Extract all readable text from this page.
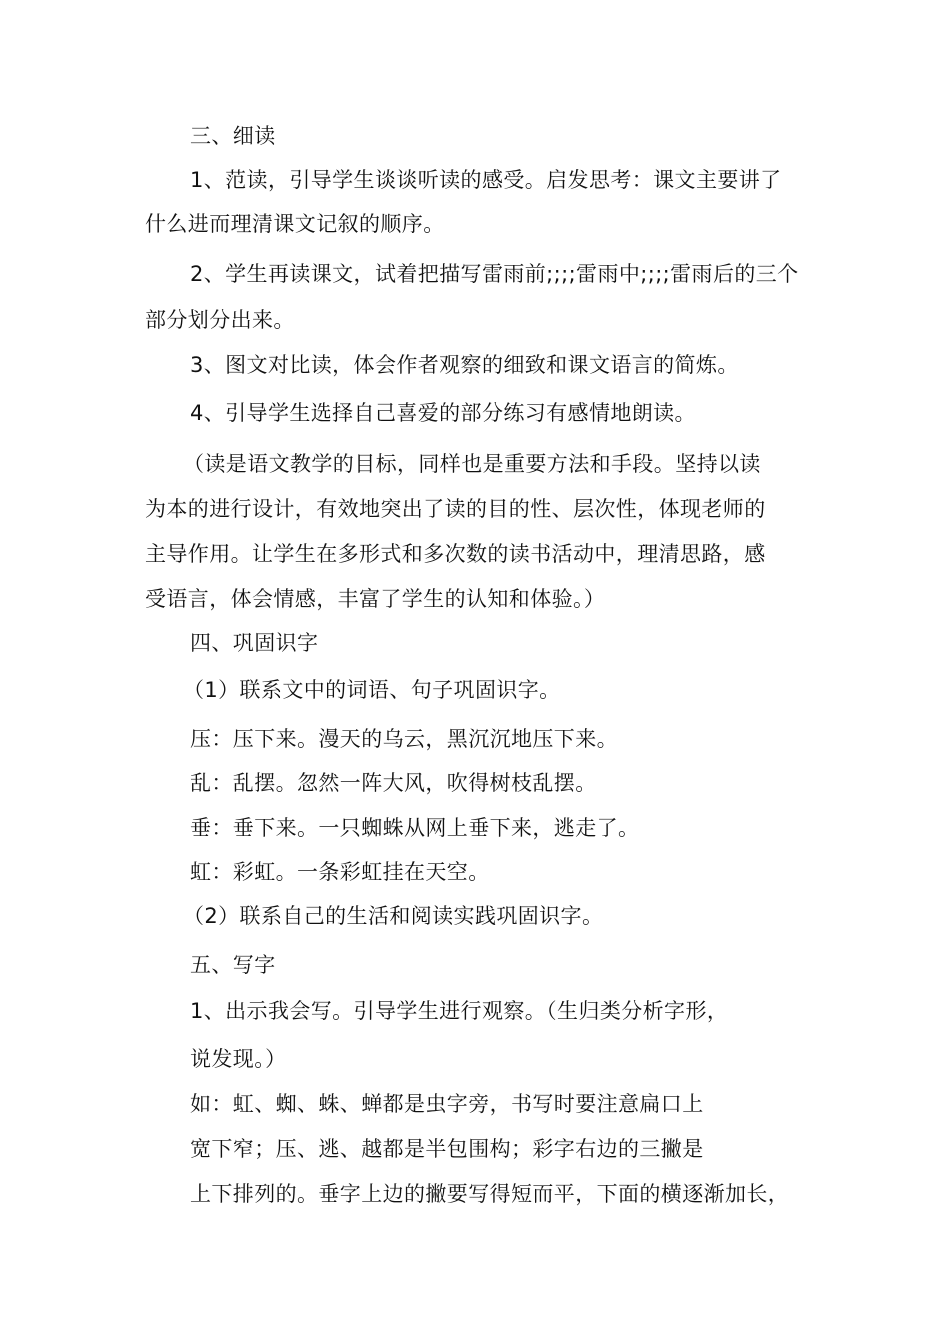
三、细读
1、范读，引导学生谈谈听读的感受。启发思考：课文主要讲了
什么进而理清课文记叙的顺序。
2、学生再读课文，试着把描写雷雨前;;;;雷雨中;;;;雷雨后的三个
部分划分出来。
3、图文对比读，体会作者观察的细致和课文语言的简炼。
4、引导学生选择自己喜爱的部分练习有感情地朗读。
（读是语文教学的目标，同样也是重要方法和手段。坚持以读
为本的进行设计，有效地突出了读的目的性、层次性，体现老师的
主导作用。让学生在多形式和多次数的读书活动中，理清思路，感
受语言，体会情感，丰富了学生的认知和体验。）
四、巩固识字
（1）联系文中的词语、句子巩固识字。
压：压下来。漫天的乌云，黑沉沉地压下来。
乱：乱摆。忽然一阵大风，吹得树枝乱摆。
垂：垂下来。一只蜘蛛从网上垂下来，逃走了。
虹：彩虹。一条彩虹挂在天空。
（2）联系自己的生活和阅读实践巩固识字。
五、写字
1、出示我会写。引导学生进行观察。（生归类分析字形，
说发现。）
如：虹、蜘、蛛、蝉都是虫字旁，书写时要注意扁口上
宽下窄；压、逃、越都是半包围构；彩字右边的三撇是
上下排列的。垂字上边的撇要写得短而平，下面的横逐渐加长，
